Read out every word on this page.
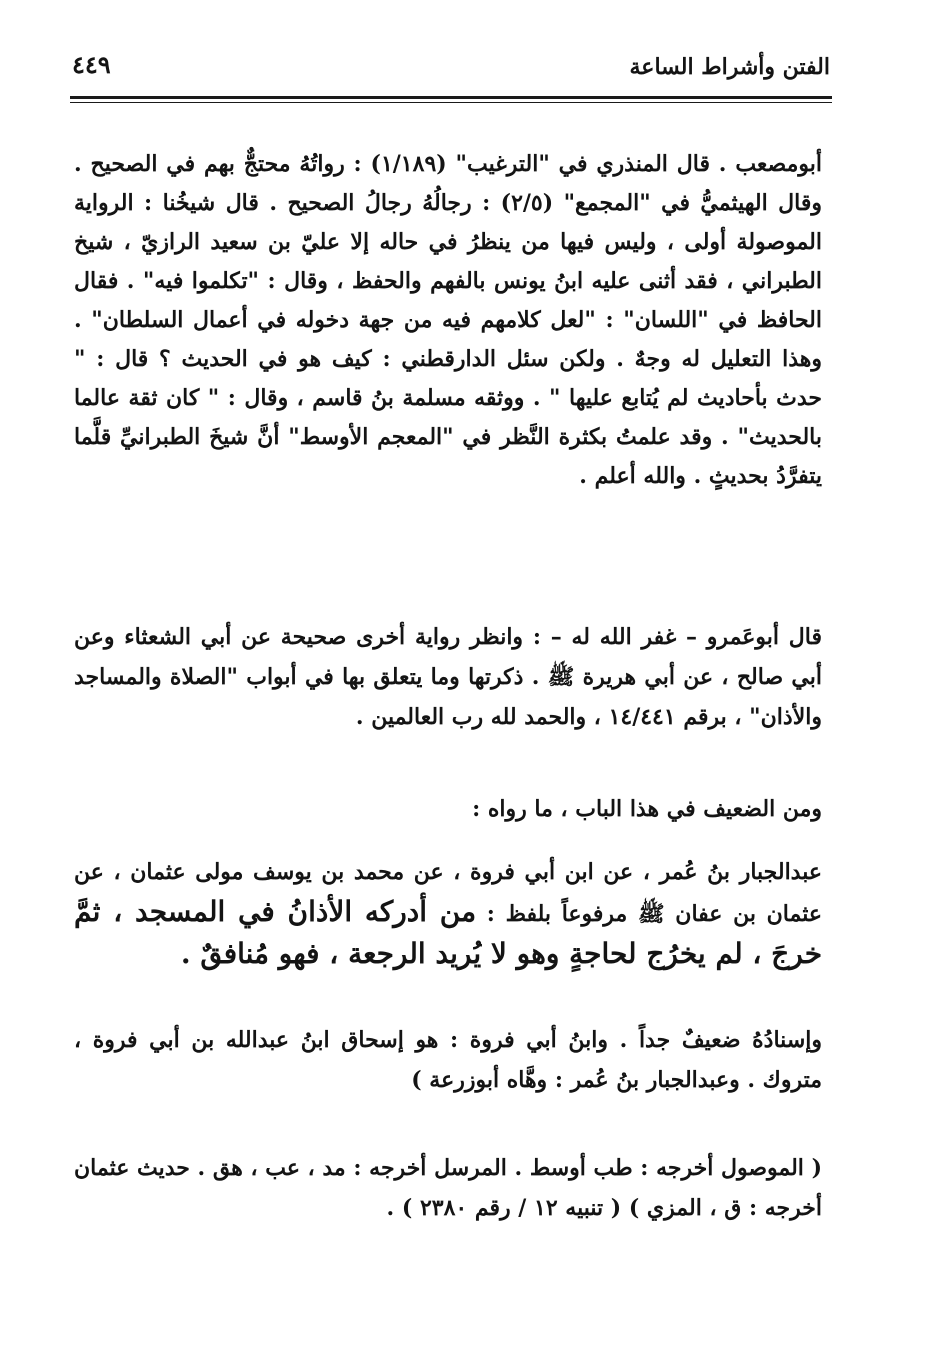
٤٤٩	الفتن وأشراط الساعة

أبومصعب . قال المنذري في "الترغيب" (١/١٨٩) : رواتُهُ محتجٌّ بهم في الصحيح . وقال الهيثميُّ في "المجمع" (٢/٥) : رجالُهُ رجالُ الصحيح . قال شيخُنا : الرواية الموصولة أولى ، وليس فيها من ينظرُ في حاله إلا عليّ بن سعيد الرازيّ ، شيخ الطبراني ، فقد أثنى عليه ابنُ يونس بالفهم والحفظ ، وقال : "تكلموا فيه" . فقال الحافظ في "اللسان" : "لعل كلامهم فيه من جهة دخوله في أعمال السلطان" . وهذا التعليل له وجهٌ . ولكن سئل الدارقطني : كيف هو في الحديث ؟ قال : " حدث بأحاديث لم يُتابع عليها " . ووثقه مسلمة بنُ قاسم ، وقال : " كان ثقة عالما بالحديث" . وقد علمتُ بكثرة النَّظر في "المعجم الأوسط" أنَّ شيخَ الطبرانيِّ قلَّما يتفرَّدُ بحديثٍ . والله أعلم .

قال أبوعَمرو – غفر الله له – : وانظر رواية أخرى صحيحة عن أبي الشعثاء وعن أبي صالح ، عن أبي هريرة ﷺ . ذكرتها وما يتعلق بها في أبواب "الصلاة والمساجد والأذان" ، برقم ١٤/٤٤١ ، والحمد لله رب العالمين .

ومن الضعيف في هذا الباب ، ما رواه :

عبدالجبار بنُ عُمر ، عن ابن أبي فروة ، عن محمد بن يوسف مولى عثمان ، عن عثمان بن عفان ﷺ مرفوعاً بلفظ : من أدركه الأذانُ في المسجد ، ثمَّ خرجَ ، لم يخرُج لحاجةٍ وهو لا يُريد الرجعة ، فهو مُنافقٌ .

وإسنادُهُ ضعيفٌ جداً . وابنُ أبي فروة : هو إسحاق ابنُ عبدالله بن أبي فروة ، متروك . وعبدالجبار بنُ عُمر : وهَّاه أبوزرعة )

( الموصول أخرجه : طب أوسط . المرسل أخرجه : مد ، عب ، هق . حديث عثمان أخرجه : ق ، المزي ) ( تنبيه ١٢ / رقم ٢٣٨٠ ) .
